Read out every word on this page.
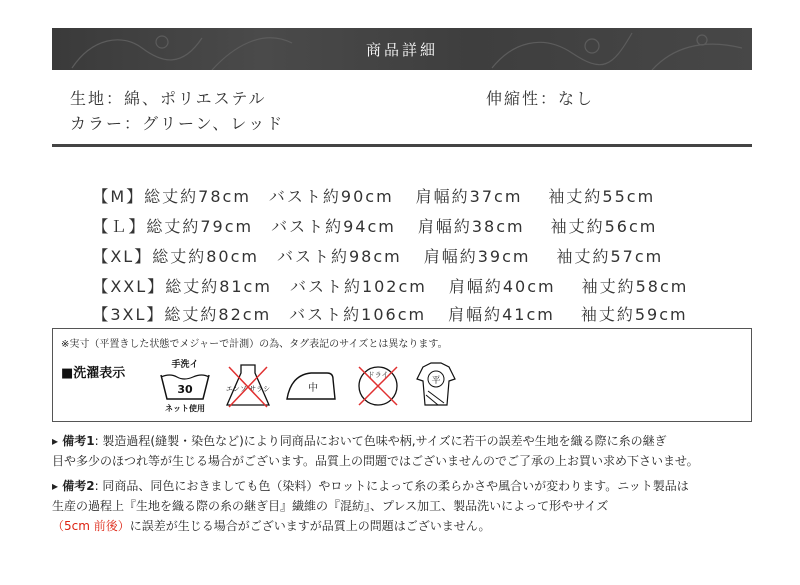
商品詳細
生地：綿、ポリエステル	伸縮性：なし
カラー：グリーン、レッド

【M】総丈約78cm バスト約90cm 肩幅約37cm 袖丈約55cm

【Ｌ】総丈約79cm バスト約94cm 肩幅約38cm 袖丈約56cm

【XL】総丈約80cm バスト約98cm 肩幅約39cm 袖丈約57cm

【XXL】総丈約81cm バスト約102cm 肩幅約40cm 袖丈約58cm

【3XL】総丈約82cm バスト約106cm 肩幅約41cm 袖丈約59cm

※実寸（平置きした状態でメジャーで計測）の為、タグ表記のサイズとは異なります。
■洗濯表示
手洗イ
30
ネット使用
エンソ サラシ	中
ドライ
平
▸ 備考1: 製造過程(縫製・染色など)により同商品において色味や柄,サイズに若干の誤差や生地を織る際に糸の継ぎ
目や多少のほつれ等が生じる場合がございます。品質上の問題ではございませんのでご了承の上お買い求め下さいませ。
▸ 備考2: 同商品、同色におきましても色（染料）やロットによって糸の柔らかさや風合いが変わります。ニット製品は
生産の過程上『生地を織る際の糸の継ぎ目』繊維の『混紡』、プレス加工、製品洗いによって形やサイズ
（5cm 前後）に誤差が生じる場合がございますが品質上の問題はございません。
